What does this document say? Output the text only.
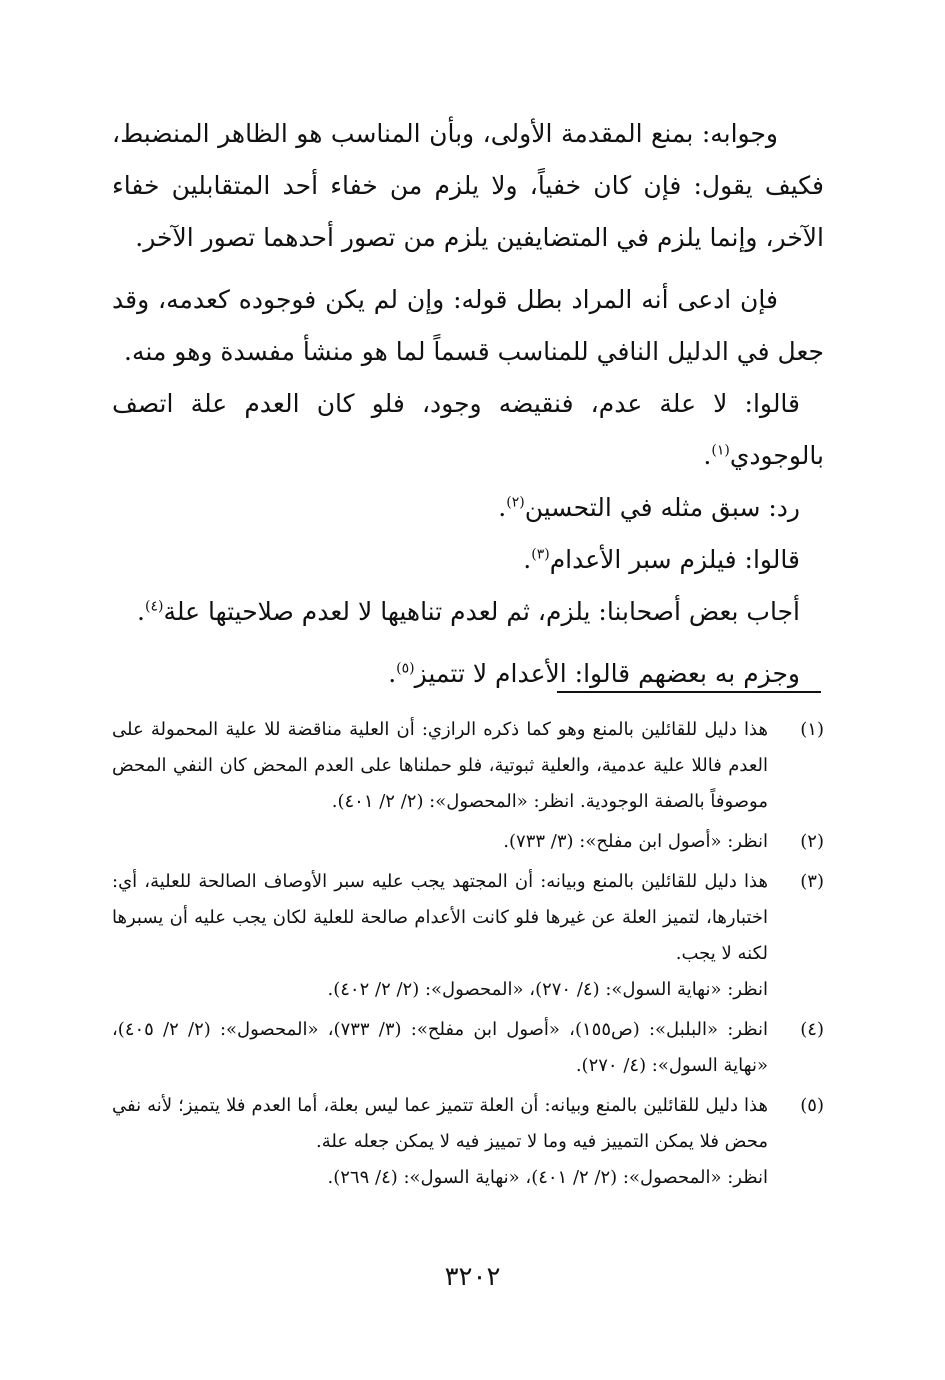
وجوابه: بمنع المقدمة الأولى، وبأن المناسب هو الظاهر المنضبط، فكيف يقول: فإن كان خفياً، ولا يلزم من خفاء أحد المتقابلين خفاء الآخر، وإنما يلزم في المتضايفين يلزم من تصور أحدهما تصور الآخر.

فإن ادعى أنه المراد بطل قوله: وإن لم يكن فوجوده كعدمه، وقد جعل في الدليل النافي للمناسب قسماً لما هو منشأ مفسدة وهو منه.

قالوا: لا علة عدم، فنقيضه وجود، فلو كان العدم علة اتصف بالوجودي$^{(١)}$.

رد: سبق مثله في التحسين$^{(٢)}$.

قالوا: فيلزم سبر الأعدام$^{(٣)}$.

أجاب بعض أصحابنا: يلزم، ثم لعدم تناهيها لا لعدم صلاحيتها علة$^{(٤)}$.

وجزم به بعضهم قالوا: الأعدام لا تتميز$^{(٥)}$.

(١)

هذا دليل للقائلين بالمنع وهو كما ذكره الرازي: أن العلية مناقضة للا علية المحمولة على العدم فاللا علية عدمية، والعلية ثبوتية، فلو حملناها على العدم المحض كان النفي المحض موصوفاً بالصفة الوجودية. انظر: «المحصول»: (٢/ ٢/ ٤٠١).

(٢)

انظر: «أصول ابن مفلح»: (٣/ ٧٣٣).

(٣)

هذا دليل للقائلين بالمنع وبيانه: أن المجتهد يجب عليه سبر الأوصاف الصالحة للعلية، أي: اختبارها، لتميز العلة عن غيرها فلو كانت الأعدام صالحة للعلية لكان يجب عليه أن يسبرها لكنه لا يجب.

انظر: «نهاية السول»: (٤/ ٢٧٠)، «المحصول»: (٢/ ٢/ ٤٠٢).

(٤)

انظر: «البلبل»: (ص١٥٥)، «أصول ابن مفلح»: (٣/ ٧٣٣)، «المحصول»: (٢/ ٢/ ٤٠٥)، «نهاية السول»: (٤/ ٢٧٠).

(٥)

هذا دليل للقائلين بالمنع وبيانه: أن العلة تتميز عما ليس بعلة، أما العدم فلا يتميز؛ لأنه نفي محض فلا يمكن التمييز فيه وما لا تمييز فيه لا يمكن جعله علة.

انظر: «المحصول»: (٢/ ٢/ ٤٠١)، «نهاية السول»: (٤/ ٢٦٩).

٣٢٠٢
